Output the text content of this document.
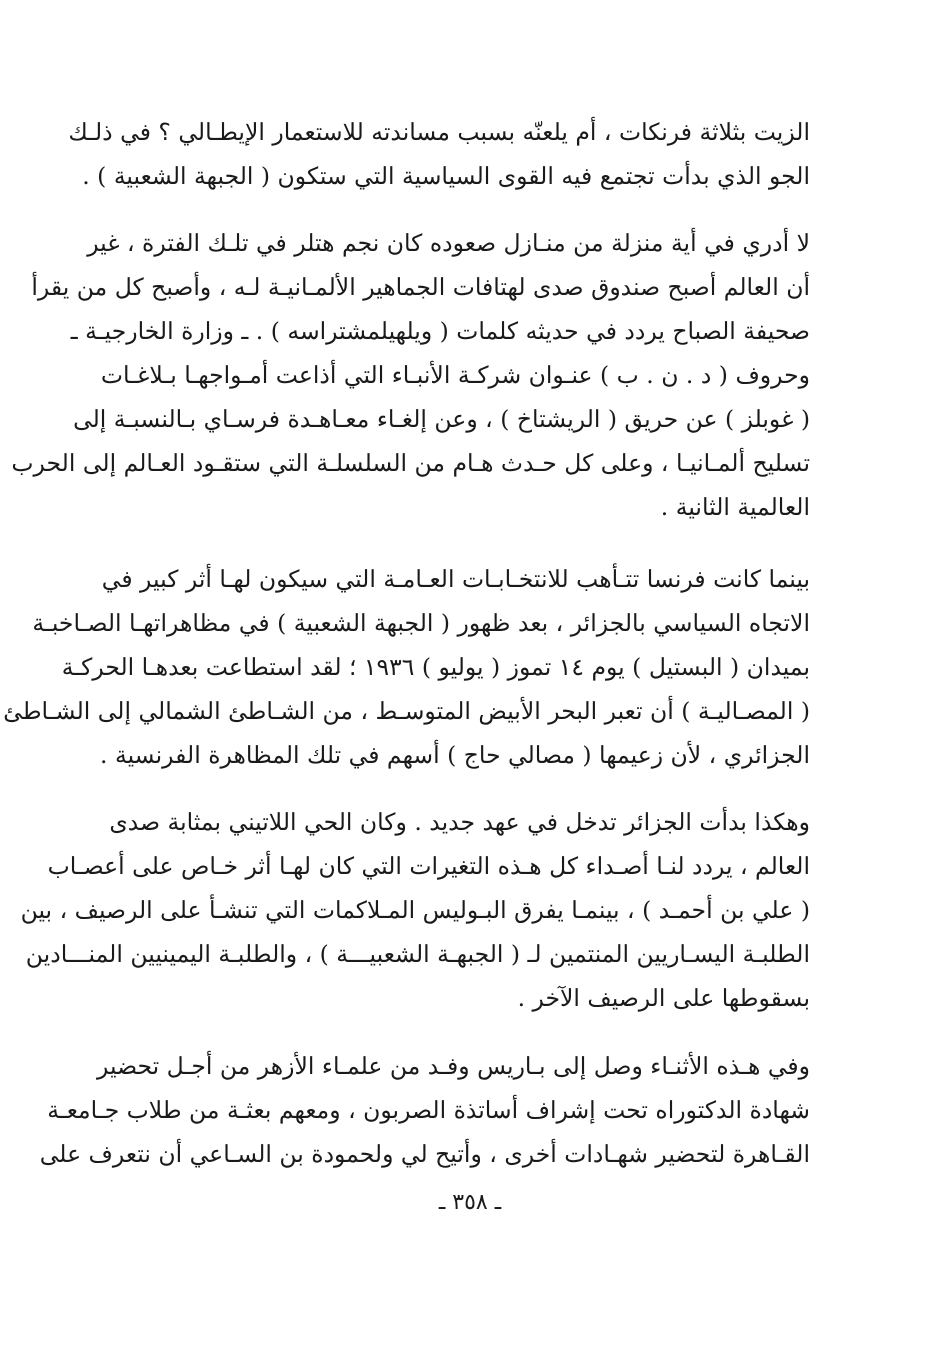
الزيت بثلاثة فرنكات ، أم يلعنّه بسبب مساندته للاستعمار الإيطـالي ؟ في ذلـك
الجو الذي بدأت تجتمع فيه القوى السياسية التي ستكون ( الجبهة الشعبية ) .
لا أدري في أية منزلة من منـازل صعوده كان نجم هتلر في تلـك الفترة ، غير
أن العالم أصبح صندوق صدى لهتافات الجماهير الألمـانيـة لـه ، وأصبح كل من يقرأ
صحيفة الصباح يردد في حديثه كلمات ( ويلهيلمشتراسه ) . ـ وزارة الخارجيـة ـ
وحروف ( د . ن . ب ) عنـوان شركـة الأنبـاء التي أذاعت أمـواجهـا بـلاغـات
( غوبلز ) عن حريق ( الريشتاخ ) ، وعن إلغـاء معـاهـدة فرسـاي بـالنسبـة إلى
تسليح ألمـانيـا ، وعلى كل حـدث هـام من السلسلـة التي ستقـود العـالم إلى الحرب
العالمية الثانية .
بينما كانت فرنسا تتـأهب للانتخـابـات العـامـة التي سيكون لهـا أثر كبير في
الاتجاه السياسي بالجزائر ، بعد ظهور ( الجبهة الشعبية ) في مظاهراتهـا الصـاخبـة
بميدان ( البستيل ) يوم ١٤ تموز ( يوليو ) ١٩٣٦ ؛ لقد استطاعت بعدهـا الحركـة
( المصـاليـة ) أن تعبر البحر الأبيض المتوسـط ، من الشـاطئ الشمالي إلى الشـاطئ
الجزائري ، لأن زعيمها ( مصالي حاج ) أسهم في تلك المظاهرة الفرنسية .
وهكذا بدأت الجزائر تدخل في عهد جديد . وكان الحي اللاتيني بمثابة صدى
العالم ، يردد لنـا أصـداء كل هـذه التغيرات التي كان لهـا أثر خـاص على أعصـاب
( علي بن أحمـد ) ، بينمـا يفرق البـوليس المـلاكمات التي تنشـأ على الرصيف ، بين
الطلبـة اليسـاريين المنتمين لـ ( الجبهـة الشعبيـــة ) ، والطلبـة اليمينيين المنـــادين
بسقوطها على الرصيف الآخر .
وفي هـذه الأثنـاء وصل إلى بـاريس وفـد من علمـاء الأزهر من أجـل تحضير
شهادة الدكتوراه تحت إشراف أساتذة الصربون ، ومعهم بعثـة من طلاب جـامعـة
القـاهرة لتحضير شهـادات أخرى ، وأتيح لي ولحمودة بن السـاعي أن نتعرف على
ـ ٣٥٨ ـ
